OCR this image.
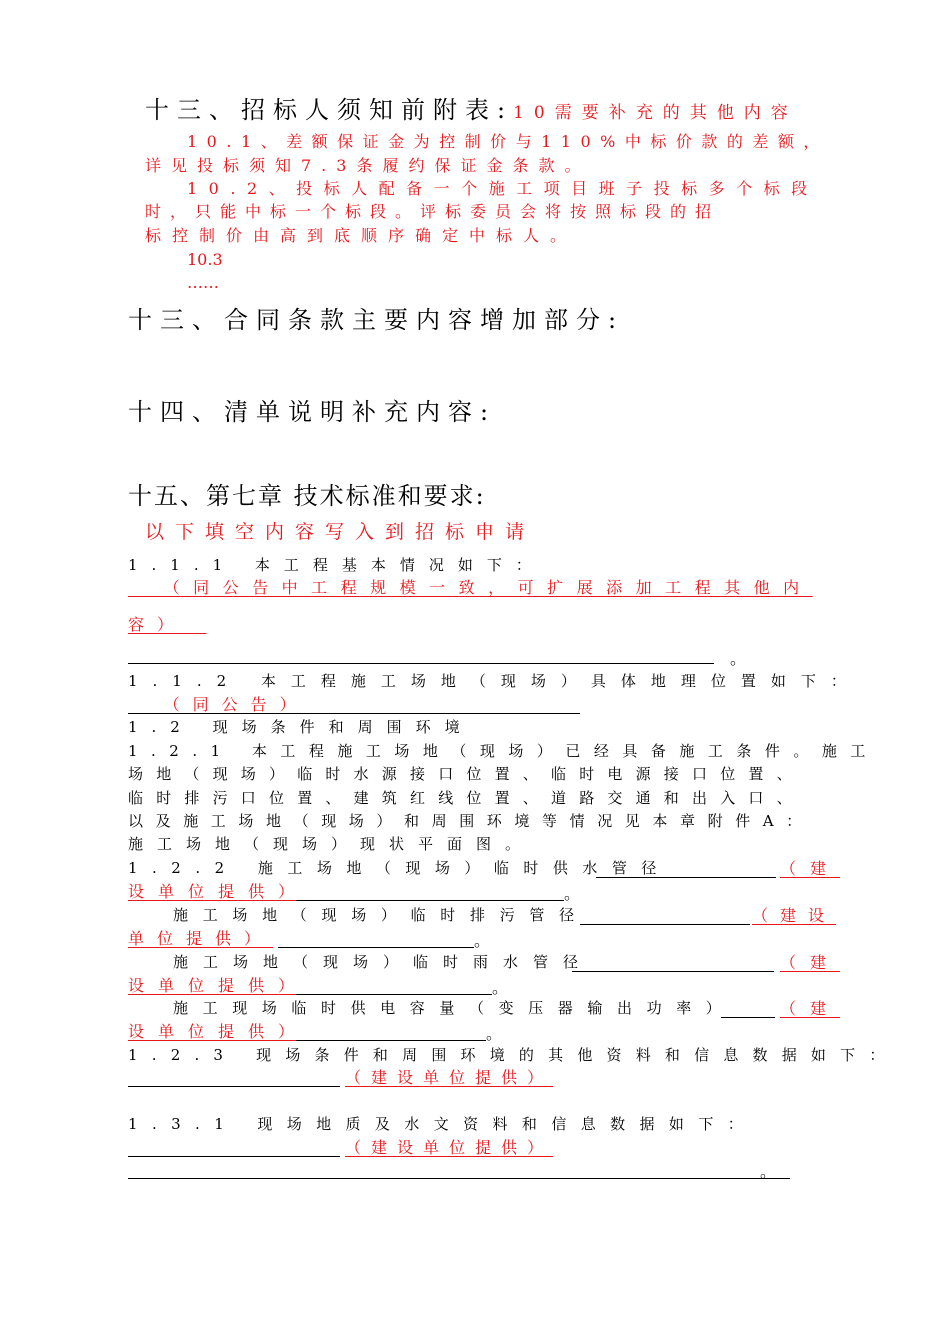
十三、招标人须知前附表:10需要补充的其他内容
10.1、差额保证金为控制价与110%中标价款的差额，
详见投标须知7.3条履约保证金条款。
10.2、投标人配备一个施工项目班子投标多个标段
时，只能中标一个标段。评标委员会将按照标段的招
标控制价由高到底顺序确定中标人。
10.3
……
十三、合同条款主要内容增加部分:
十四、清单说明补充内容:
十五、第七章 技术标准和要求:
以下填空内容写入到招标申请
1.1.1 本工程基本情况如下：
（同公告中工程规模一致，可扩展添加工程其他内
容）
。
1.1.2 本工程施工场地（现场）具体地理位置如下：
（同公告）
1.2 现场条件和周围环境
1.2.1 本工程施工场地（现场）已经具备施工条件。施工
场地（现场）临时水源接口位置、临时电源接口位置、
临时排污口位置、建筑红线位置、道路交通和出入口、
以及施工场地（现场）和周围环境等情况见本章附件A：
施工场地（现场）现状平面图。
1.2.2 施工场地（现场）临时供水管径	（建
设单位提供）	。
施工场地（现场）临时排污管径	（建设
单位提供）	。
施工场地（现场）临时雨水管径	（建
设单位提供）	。
施工现场临时供电容量（变压器输出功率）	（建
设单位提供）	。
1.2.3 现场条件和周围环境的其他资料和信息数据如下：
（建设单位提供）
1.3.1 现场地质及水文资料和信息数据如下：
（建设单位提供）
。
